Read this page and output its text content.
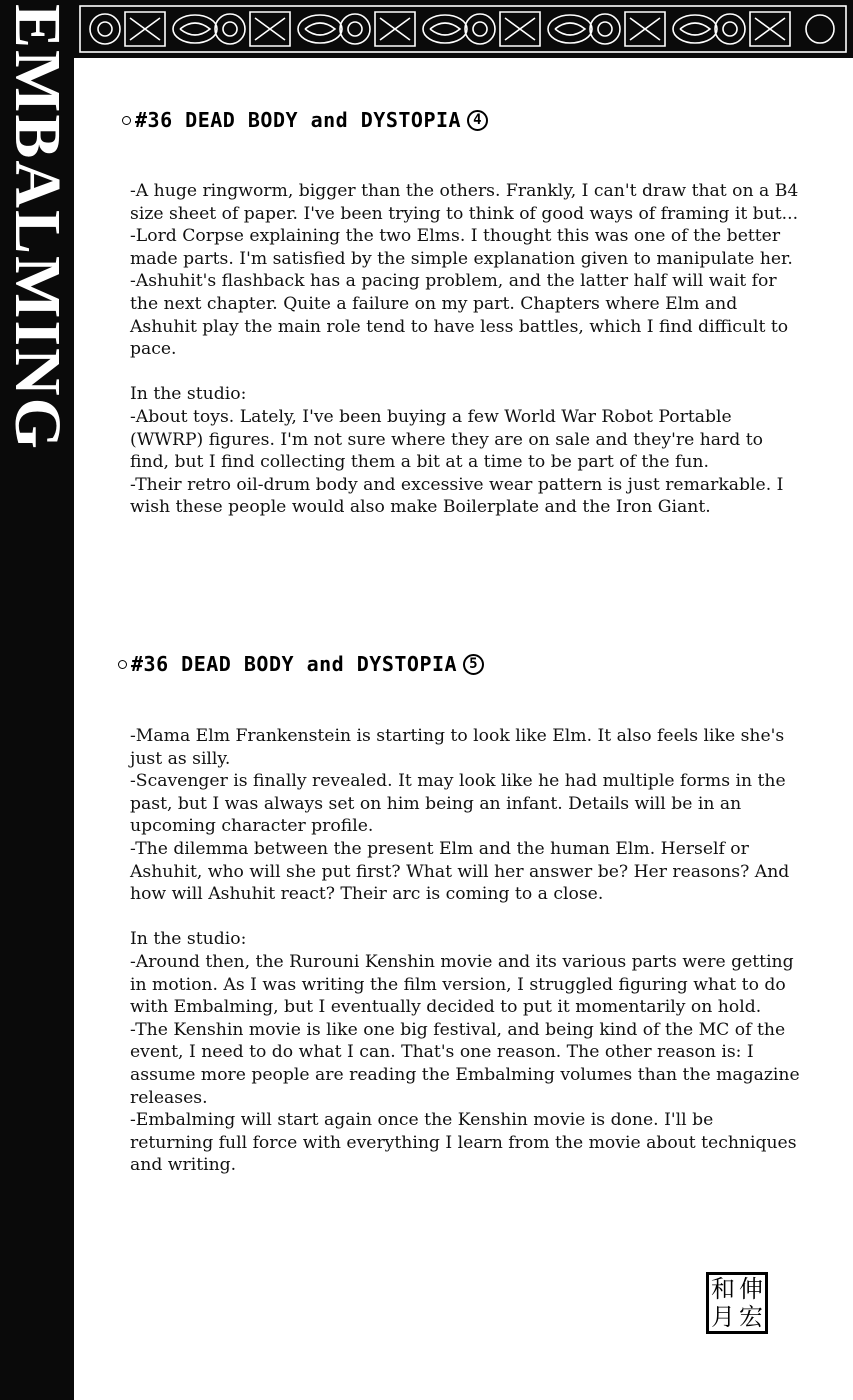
EMBALMING	#36 DEAD BODY and DYSTOPIA 4

-A huge ringworm, bigger than the others. Frankly, I can't draw that on a B4 size sheet of paper. I've been trying to think of good ways of framing it but...

-Lord Corpse explaining the two Elms. I thought this was one of the better made parts. I'm satisfied by the simple explanation given to manipulate her.

-Ashuhit's flashback has a pacing problem, and the latter half will wait for the next chapter. Quite a failure on my part. Chapters where Elm and Ashuhit play the main role tend to have less battles, which I find difficult to pace.

In the studio:

-About toys. Lately, I've been buying a few World War Robot Portable (WWRP) figures. I'm not sure where they are on sale and they're hard to find, but I find collecting them a bit at a time to be part of the fun.

-Their retro oil-drum body and excessive wear pattern is just remarkable. I wish these people would also make Boilerplate and the Iron Giant.

#36 DEAD BODY and DYSTOPIA 5

-Mama Elm Frankenstein is starting to look like Elm. It also feels like she's just as silly.

-Scavenger is finally revealed. It may look like he had multiple forms in the past, but I was always set on him being an infant. Details will be in an upcoming character profile.

-The dilemma between the present Elm and the human Elm. Herself or Ashuhit, who will she put first? What will her answer be? Her reasons? And how will Ashuhit react? Their arc is coming to a close.

In the studio:

-Around then, the Rurouni Kenshin movie and its various parts were getting in motion. As I was writing the film version, I struggled figuring what to do with Embalming, but I eventually decided to put it momentarily on hold.

-The Kenshin movie is like one big festival, and being kind of the MC of the event, I need to do what I can. That's one reason. The other reason is: I assume more people are reading the Embalming volumes than the magazine releases.

-Embalming will start again once the Kenshin movie is done. I'll be returning full force with everything I learn from the movie about techniques and writing.

和 伸
月 宏
